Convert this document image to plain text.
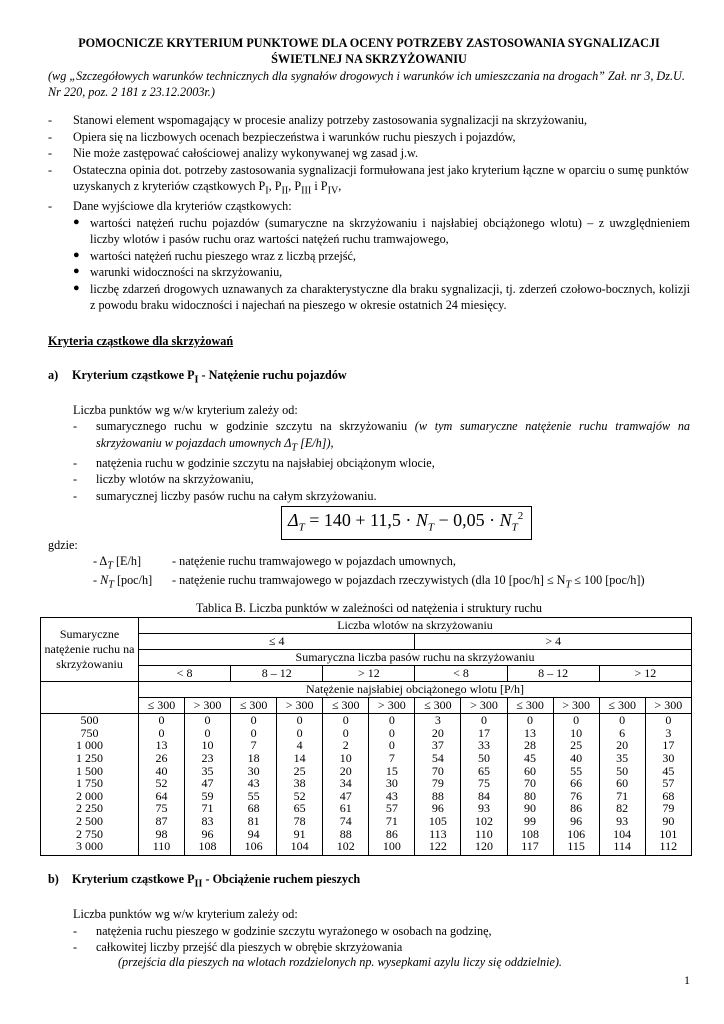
POMOCNICZE KRYTERIUM PUNKTOWE DLA OCENY POTRZEBY ZASTOSOWANIA SYGNALIZACJI
ŚWIETLNEJ NA SKRZYŻOWANIU
(wg „Szczegółowych warunków technicznych dla sygnałów drogowych i warunków ich umieszczania na drogach” Zał. nr 3, Dz.U. Nr 220, poz. 2 181 z 23.12.2003r.)
- Stanowi element wspomagający w procesie analizy potrzeby zastosowania sygnalizacji na skrzyżowaniu,
- Opiera się na liczbowych ocenach bezpieczeństwa i warunków ruchu pieszych i pojazdów,
- Nie może zastępować całościowej analizy wykonywanej wg zasad j.w.
- Ostateczna opinia dot. potrzeby zastosowania sygnalizacji formułowana jest jako kryterium łączne w oparciu o sumę punktów uzyskanych z kryteriów cząstkowych $P_I$, $P_{II}$, $P_{III}$ i $P_{IV}$,
- Dane wyjściowe dla kryteriów cząstkowych:
● wartości natężeń ruchu pojazdów (sumaryczne na skrzyżowaniu i najsłabiej obciążonego wlotu) – z uwzględnieniem liczby wlotów i pasów ruchu oraz wartości natężeń ruchu tramwajowego,
● wartości natężeń ruchu pieszego wraz z liczbą przejść,
● warunki widoczności na skrzyżowaniu,
● liczbę zdarzeń drogowych uznawanych za charakterystyczne dla braku sygnalizacji, tj. zderzeń czołowo-bocznych, kolizji z powodu braku widoczności i najechań na pieszego w okresie ostatnich 24 miesięcy.
Kryteria cząstkowe dla skrzyżowań
a) Kryterium cząstkowe $P_I$ - Natężenie ruchu pojazdów
Liczba punktów wg w/w kryterium zależy od:
- sumarycznego ruchu w godzinie szczytu na skrzyżowaniu (w tym sumaryczne natężenie ruchu tramwajów na skrzyżowaniu w pojazdach umownych $\Delta_T$ [E/h]),
- natężenia ruchu w godzinie szczytu na najsłabiej obciążonym wlocie,
- liczby wlotów na skrzyżowaniu,
- sumarycznej liczby pasów ruchu na całym skrzyżowaniu.
$\Delta_T = 140 + 11,5 \cdot N_T - 0,05 \cdot N_T^2$
gdzie:
- $\Delta_T$ [E/h]	- natężenie ruchu tramwajowego w pojazdach umownych,
- $N_T$ [poc/h]	- natężenie ruchu tramwajowego w pojazdach rzeczywistych (dla 10 $[poc/h] \le N_T \le 100$ [poc/h])
Tablica B. Liczba punktów w zależności od natężenia i struktury ruchu
Sumaryczne natężenie ruchu na skrzyżowaniu	Liczba wlotów na skrzyżowaniu											
	≤ 4						> 4					
	Sumaryczna liczba pasów ruchu na skrzyżowaniu											
	< 8		8 – 12		> 12		< 8		8 – 12		> 12	
	Natężenie najsłabiej obciążonego wlotu [P/h]											
	≤ 300	> 300	≤ 300	> 300	≤ 300	> 300	≤ 300	> 300	≤ 300	> 300	≤ 300	> 300
500	0	0	0	0	0	0	3	0	0	0	0	0
750	0	0	0	0	0	0	20	17	13	10	6	3
1 000	13	10	7	4	2	0	37	33	28	25	20	17
1 250	26	23	18	14	10	7	54	50	45	40	35	30
1 500	40	35	30	25	20	15	70	65	60	55	50	45
1 750	52	47	43	38	34	30	79	75	70	66	60	57
2 000	64	59	55	52	47	43	88	84	80	76	71	68
2 250	75	71	68	65	61	57	96	93	90	86	82	79
2 500	87	83	81	78	74	71	105	102	99	96	93	90
2 750	98	96	94	91	88	86	113	110	108	106	104	101
3 000	110	108	106	104	102	100	122	120	117	115	114	112
b) Kryterium cząstkowe $P_{II}$ - Obciążenie ruchem pieszych
Liczba punktów wg w/w kryterium zależy od:
- natężenia ruchu pieszego w godzinie szczytu wyrażonego w osobach na godzinę,
- całkowitej liczby przejść dla pieszych w obrębie skrzyżowania
(przejścia dla pieszych na wlotach rozdzielonych np. wysepkami azylu liczy się oddzielnie).
1
